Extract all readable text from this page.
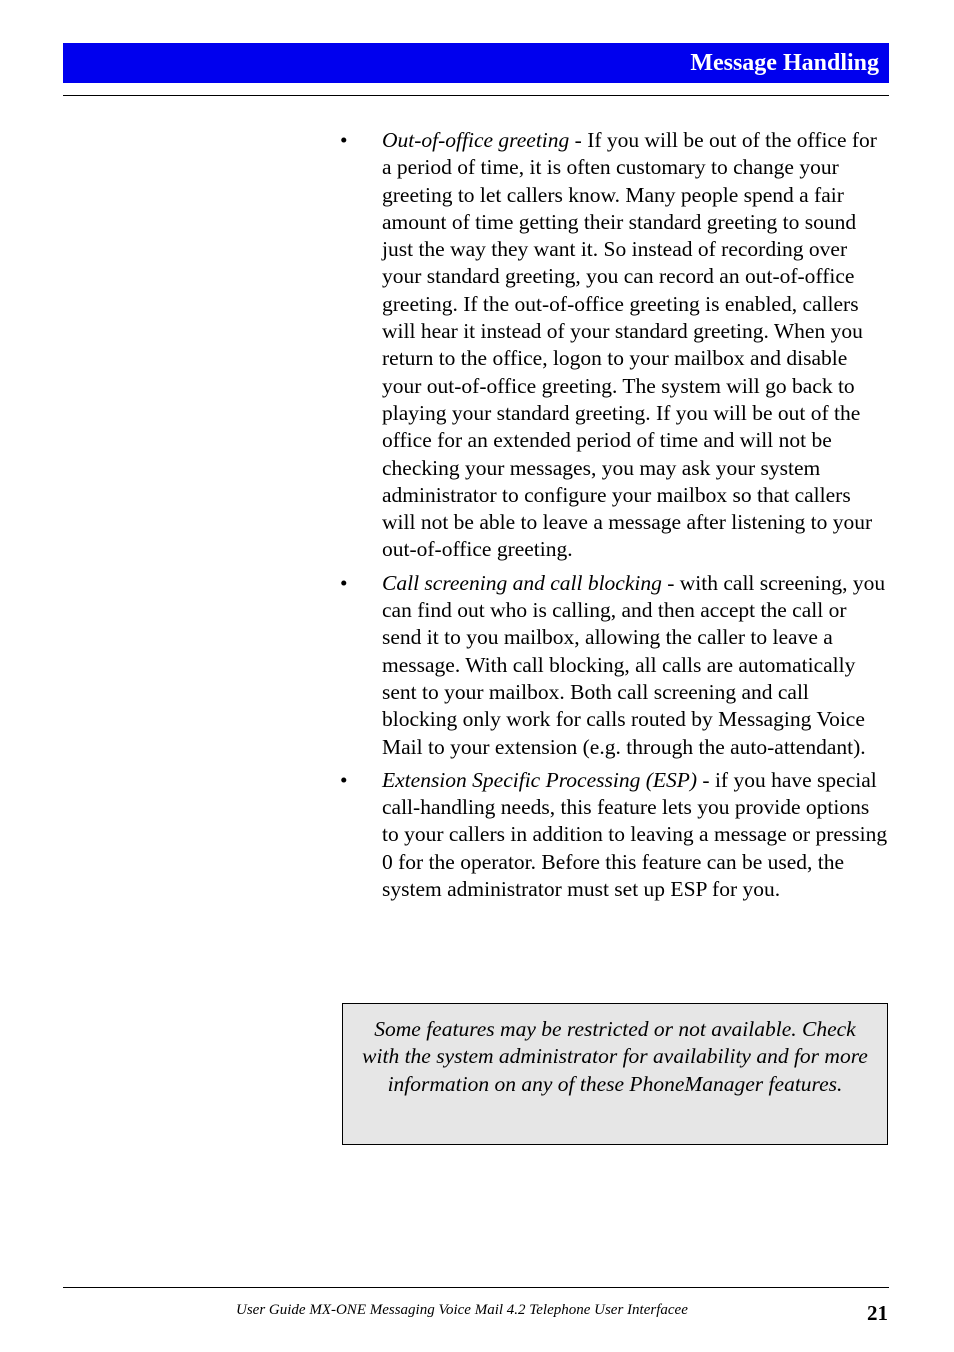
Message Handling
•	Out-of-office greeting - If you will be out of the office for a period of time, it is often customary to change your greeting to let callers know. Many people spend a fair amount of time getting their standard greeting to sound just the way they want it. So instead of recording over your standard greeting, you can record an out-of-office greeting. If the out-of-office greeting is enabled, callers will hear it instead of your standard greeting. When you return to the office, logon to your mailbox and disable your out-of-office greeting. The system will go back to playing your standard greeting. If you will be out of the office for an extended period of time and will not be checking your messages, you may ask your system administrator to configure your mailbox so that callers will not be able to leave a message after listening to your out-of-office greeting.
•	Call screening and call blocking - with call screening, you can find out who is calling, and then accept the call or send it to you mailbox, allowing the caller to leave a message. With call blocking, all calls are automatically sent to your mailbox. Both call screening and call blocking only work for calls routed by Messaging Voice Mail to your extension (e.g. through the auto-attendant).
•	Extension Specific Processing (ESP) - if you have special call-handling needs, this feature lets you provide options to your callers in addition to leaving a message or pressing 0 for the operator. Before this feature can be used, the system administrator must set up ESP for you.
Some features may be restricted or not available. Check with the system administrator for availability and for more information on any of these PhoneManager features.
User Guide MX-ONE Messaging Voice Mail 4.2 Telephone User Interfacee	21
